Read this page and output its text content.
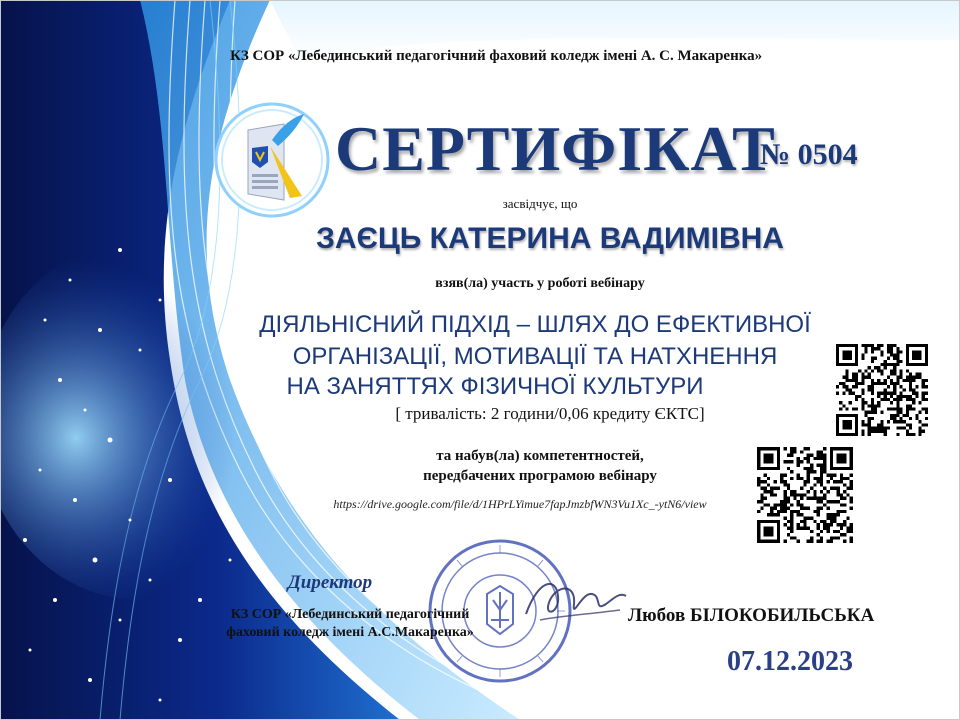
КЗ СОР «Лебединський педагогічний фаховий коледж імені А. С. Макаренка»
СЕРТИФІКАТ
№ 0504
засвідчує, що
ЗАЄЦЬ КАТЕРИНА ВАДИМІВНА
взяв(ла) участь у роботі вебінару
ДІЯЛЬНІСНИЙ ПІДХІД – ШЛЯХ ДО ЕФЕКТИВНОЇ
ОРГАНІЗАЦІЇ, МОТИВАЦІЇ ТА НАТХНЕННЯ
НА ЗАНЯТТЯХ ФІЗИЧНОЇ КУЛЬТУРИ
[ тривалість: 2 години/0,06 кредиту ЄКТС]
та набув(ла) компетентностей,
передбачених програмою вебінару
https://drive.google.com/file/d/1HPrLYimue7fapJmzbfWN3Vu1Xc_-ytN6/view
Директор
КЗ СОР «Лебединський педагогічний
фаховий коледж імені А.С.Макаренка»
Любов БІЛОКОБИЛЬСЬКА
07.12.2023
